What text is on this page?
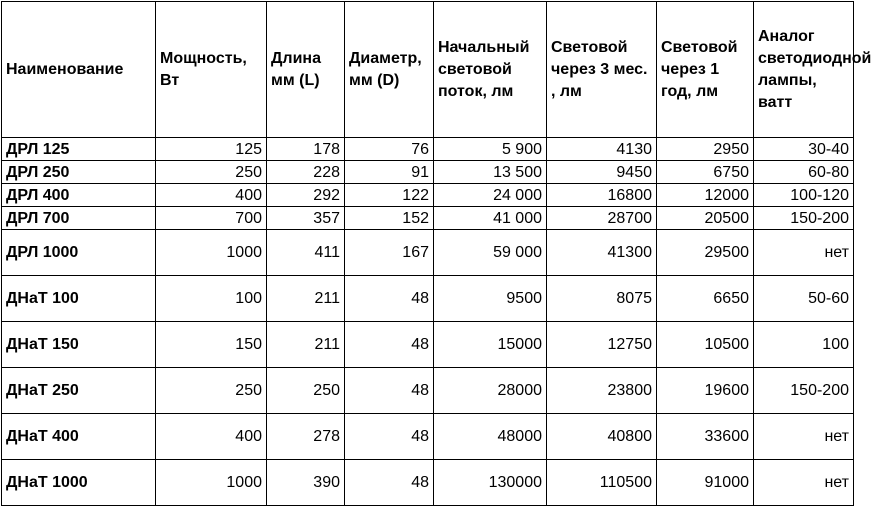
Наименование	Мощность, Вт	Длина мм (L)	Диаметр, мм (D)	Начальный световой поток, лм	Световой через 3 мес. , лм	Световой через 1 год, лм	Аналог светодиодной лампы, ватт
ДРЛ 125	125	178	76	5 900	4130	2950	30-40
ДРЛ 250	250	228	91	13 500	9450	6750	60-80
ДРЛ 400	400	292	122	24 000	16800	12000	100-120
ДРЛ 700	700	357	152	41 000	28700	20500	150-200
ДРЛ 1000	1000	411	167	59 000	41300	29500	нет
ДНаТ 100	100	211	48	9500	8075	6650	50-60
ДНаТ 150	150	211	48	15000	12750	10500	100
ДНаТ 250	250	250	48	28000	23800	19600	150-200
ДНаТ 400	400	278	48	48000	40800	33600	нет
ДНаТ 1000	1000	390	48	130000	110500	91000	нет
